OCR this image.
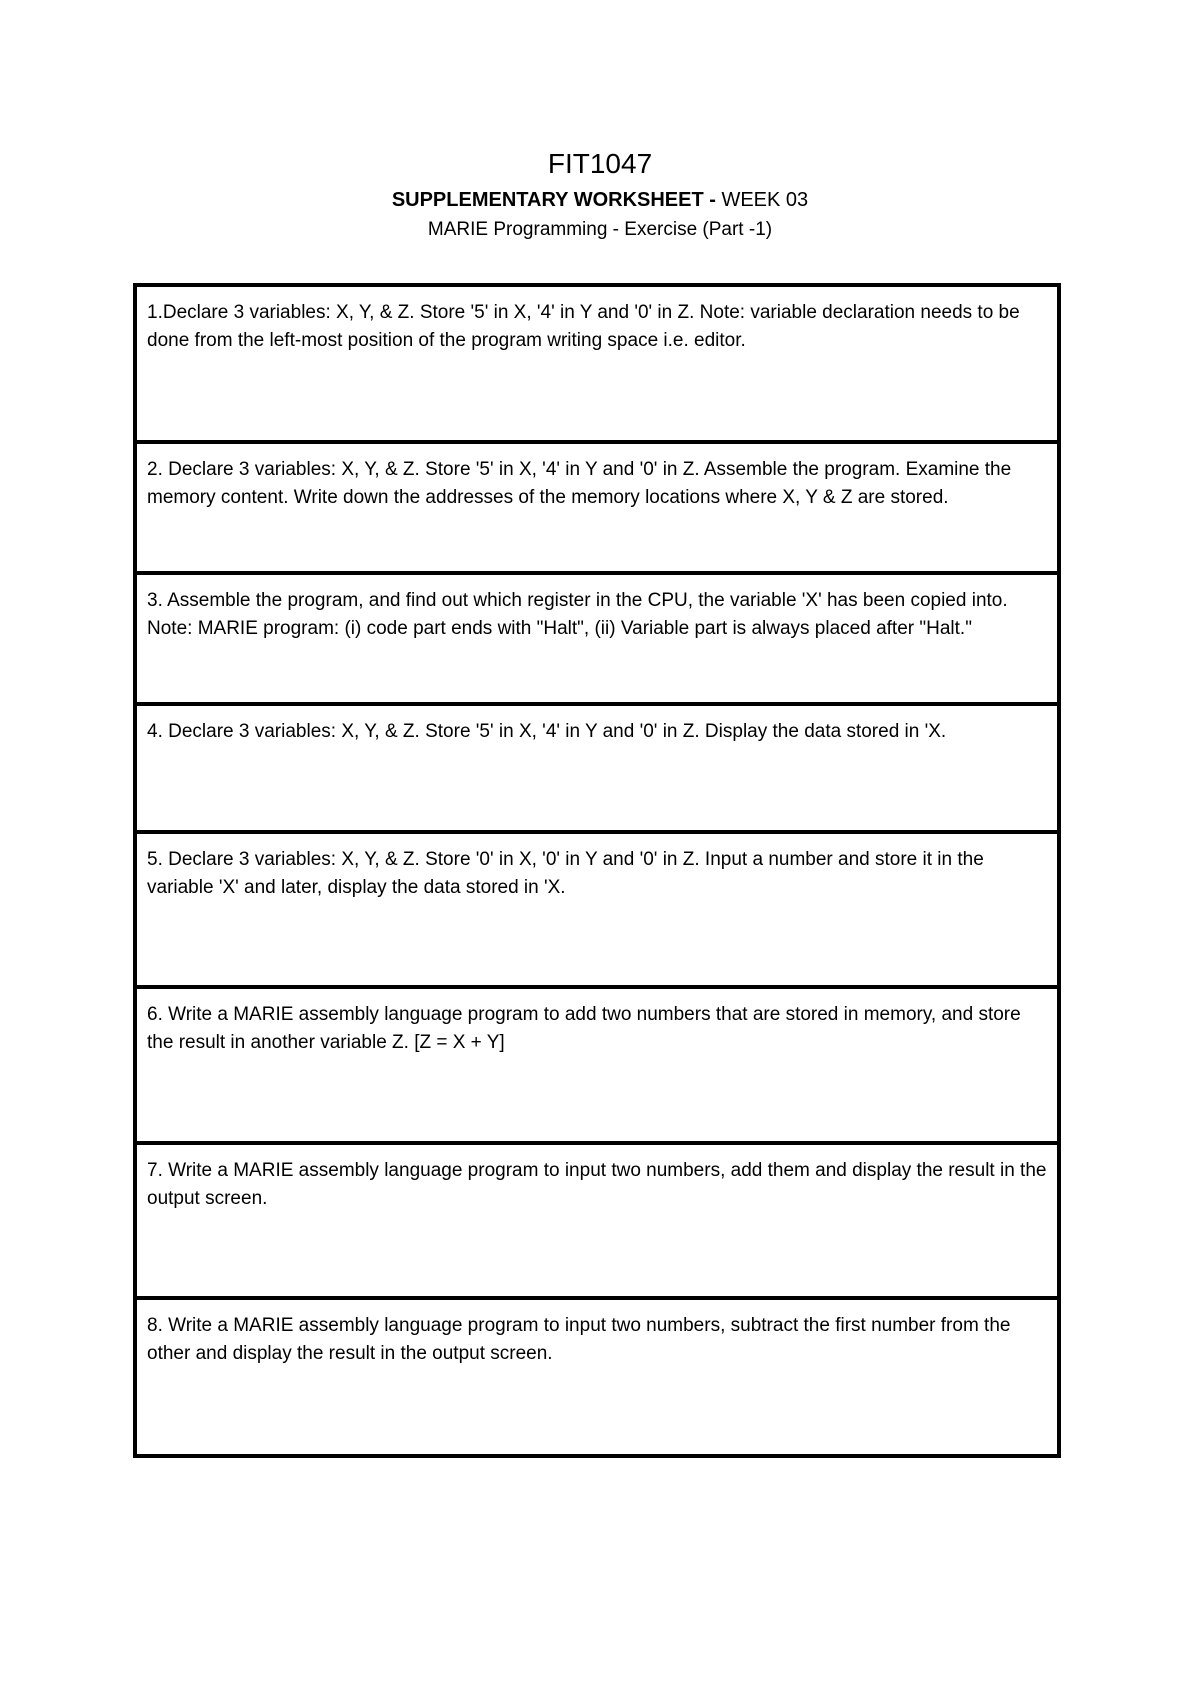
FIT1047
SUPPLEMENTARY WORKSHEET - WEEK 03
MARIE Programming - Exercise (Part -1)
1.Declare 3 variables: X, Y, & Z. Store '5' in X, '4' in Y and '0' in Z. Note: variable declaration needs to be done from the left-most position of the program writing space i.e. editor.
2. Declare 3 variables: X, Y, & Z. Store '5' in X, '4' in Y and '0' in Z. Assemble the program. Examine the memory content. Write down the addresses of the memory locations where X, Y & Z are stored.
3. Assemble the program, and find out which register in the CPU, the variable 'X' has been copied into. Note: MARIE program: (i) code part ends with "Halt", (ii) Variable part is always placed after "Halt."
4. Declare 3 variables: X, Y, & Z. Store '5' in X, '4' in Y and '0' in Z. Display the data stored in 'X.
5. Declare 3 variables: X, Y, & Z. Store '0' in X, '0' in Y and '0' in Z. Input a number and store it in the variable 'X' and later, display the data stored in 'X.
6. Write a MARIE assembly language program to add two numbers that are stored in memory, and store the result in another variable Z. [Z = X + Y]
7. Write a MARIE assembly language program to input two numbers, add them and display the result in the output screen.
8. Write a MARIE assembly language program to input two numbers, subtract the first number from the other and display the result in the output screen.
